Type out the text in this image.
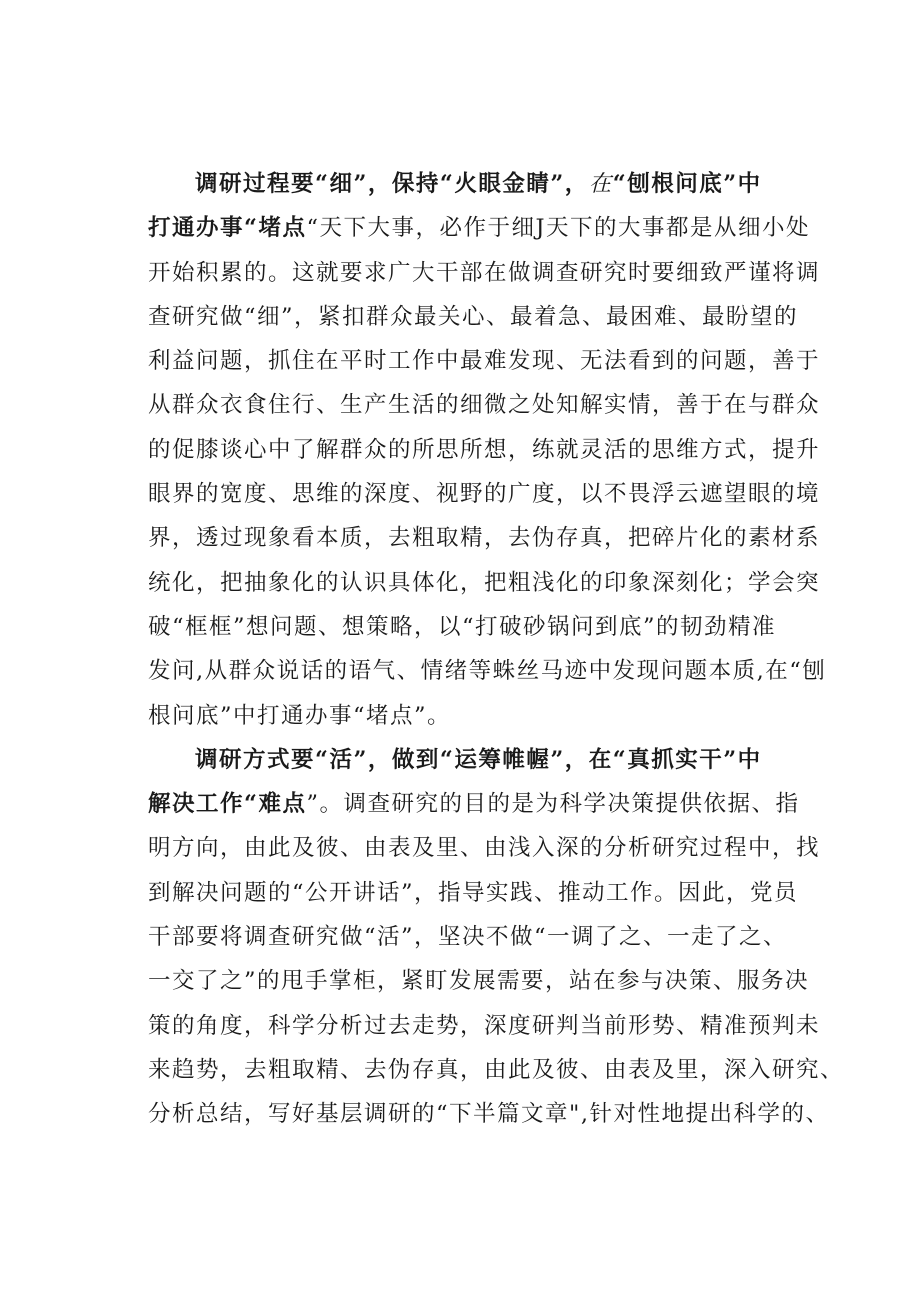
调研过程要“细”，保持“火眼金睛”，在“刨根问底”中
打通办事“堵点“天下大事，必作于细J天下的大事都是从细小处
开始积累的。这就要求广大干部在做调查研究时要细致严谨将调
查研究做“细”，紧扣群众最关心、最着急、最困难、最盼望的
利益问题，抓住在平时工作中最难发现、无法看到的问题，善于
从群众衣食住行、生产生活的细微之处知解实情，善于在与群众
的促膝谈心中了解群众的所思所想，练就灵活的思维方式，提升
眼界的宽度、思维的深度、视野的广度，以不畏浮云遮望眼的境
界，透过现象看本质，去粗取精，去伪存真，把碎片化的素材系
统化，把抽象化的认识具体化，把粗浅化的印象深刻化；学会突
破“框框”想问题、想策略，以“打破砂锅问到底”的韧劲精准
发问,从群众说话的语气、情绪等蛛丝马迹中发现问题本质,在“刨
根问底”中打通办事“堵点”。
调研方式要“活”，做到“运筹帷幄”，在“真抓实干”中
解决工作“难点”。调查研究的目的是为科学决策提供依据、指
明方向，由此及彼、由表及里、由浅入深的分析研究过程中，找
到解决问题的“公开讲话”，指导实践、推动工作。因此，党员
干部要将调查研究做“活”，坚决不做“一调了之、一走了之、
一交了之”的甩手掌柜，紧盯发展需要，站在参与决策、服务决
策的角度，科学分析过去走势，深度研判当前形势、精准预判未
来趋势，去粗取精、去伪存真，由此及彼、由表及里，深入研究、
分析总结，写好基层调研的“下半篇文章",针对性地提出科学的、
